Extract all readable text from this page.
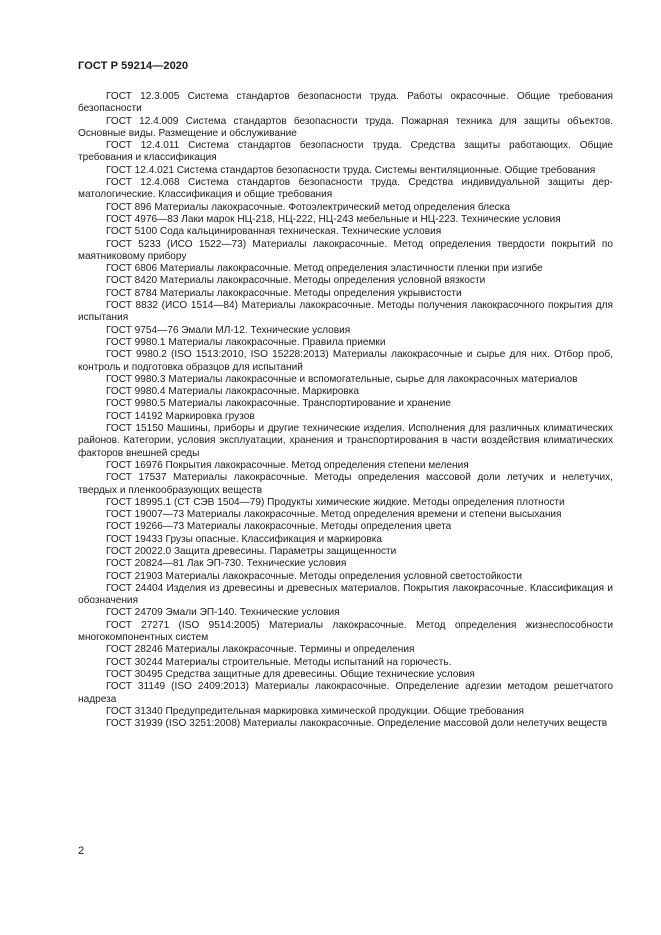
ГОСТ Р 59214—2020
ГОСТ 12.3.005 Система стандартов безопасности труда. Работы окрасочные. Общие требования безопасности
ГОСТ 12.4.009 Система стандартов безопасности труда. Пожарная техника для защиты объектов. Основные виды. Размещение и обслуживание
ГОСТ 12.4.011 Система стандартов безопасности труда. Средства защиты работающих. Общие требования и классификация
ГОСТ 12.4.021 Система стандартов безопасности труда. Системы вентиляционные. Общие требования
ГОСТ 12.4.068 Система стандартов безопасности труда. Средства индивидуальной защиты дерматологические. Классификация и общие требования
ГОСТ 896 Материалы лакокрасочные. Фотоэлектрический метод определения блеска
ГОСТ 4976—83 Лаки марок НЦ-218, НЦ-222, НЦ-243 мебельные и НЦ-223. Технические условия
ГОСТ 5100 Сода кальцинированная техническая. Технические условия
ГОСТ 5233 (ИСО 1522—73) Материалы лакокрасочные. Метод определения твердости покрытий по маятниковому прибору
ГОСТ 6806 Материалы лакокрасочные. Метод определения эластичности пленки при изгибе
ГОСТ 8420 Материалы лакокрасочные. Методы определения условной вязкости
ГОСТ 8784 Материалы лакокрасочные. Методы определения укрывистости
ГОСТ 8832 (ИСО 1514—84) Материалы лакокрасочные. Методы получения лакокрасочного покрытия для испытания
ГОСТ 9754—76 Эмали МЛ-12. Технические условия
ГОСТ 9980.1 Материалы лакокрасочные. Правила приемки
ГОСТ 9980.2 (ISO 1513:2010, ISO 15228:2013) Материалы лакокрасочные и сырье для них. Отбор проб, контроль и подготовка образцов для испытаний
ГОСТ 9980.3 Материалы лакокрасочные и вспомогательные, сырье для лакокрасочных материалов
ГОСТ 9980.4 Материалы лакокрасочные. Маркировка
ГОСТ 9980.5 Материалы лакокрасочные. Транспортирование и хранение
ГОСТ 14192 Маркировка грузов
ГОСТ 15150 Машины, приборы и другие технические изделия. Исполнения для различных климатических районов. Категории, условия эксплуатации, хранения и транспортирования в части воздействия климатических факторов внешней среды
ГОСТ 16976 Покрытия лакокрасочные. Метод определения степени меления
ГОСТ 17537 Материалы лакокрасочные. Методы определения массовой доли летучих и нелетучих, твердых и пленкообразующих веществ
ГОСТ 18995.1 (СТ СЭВ 1504—79) Продукты химические жидкие. Методы определения плотности
ГОСТ 19007—73 Материалы лакокрасочные. Метод определения времени и степени высыхания
ГОСТ 19266—73 Материалы лакокрасочные. Методы определения цвета
ГОСТ 19433 Грузы опасные. Классификация и маркировка
ГОСТ 20022.0 Защита древесины. Параметры защищенности
ГОСТ 20824—81 Лак ЭП-730. Технические условия
ГОСТ 21903 Материалы лакокрасочные. Методы определения условной светостойкости
ГОСТ 24404 Изделия из древесины и древесных материалов. Покрытия лакокрасочные. Классификация и обозначения
ГОСТ 24709 Эмали ЭП-140. Технические условия
ГОСТ 27271 (ISO 9514:2005) Материалы лакокрасочные. Метод определения жизнеспособности многокомпонентных систем
ГОСТ 28246 Материалы лакокрасочные. Термины и определения
ГОСТ 30244 Материалы строительные. Методы испытаний на горючесть.
ГОСТ 30495 Средства защитные для древесины. Общие технические условия
ГОСТ 31149 (ISO 2409:2013) Материалы лакокрасочные. Определение адгезии методом решетчатого надреза
ГОСТ 31340 Предупредительная маркировка химической продукции. Общие требования
ГОСТ 31939 (ISO 3251:2008) Материалы лакокрасочные. Определение массовой доли нелетучих веществ
2
